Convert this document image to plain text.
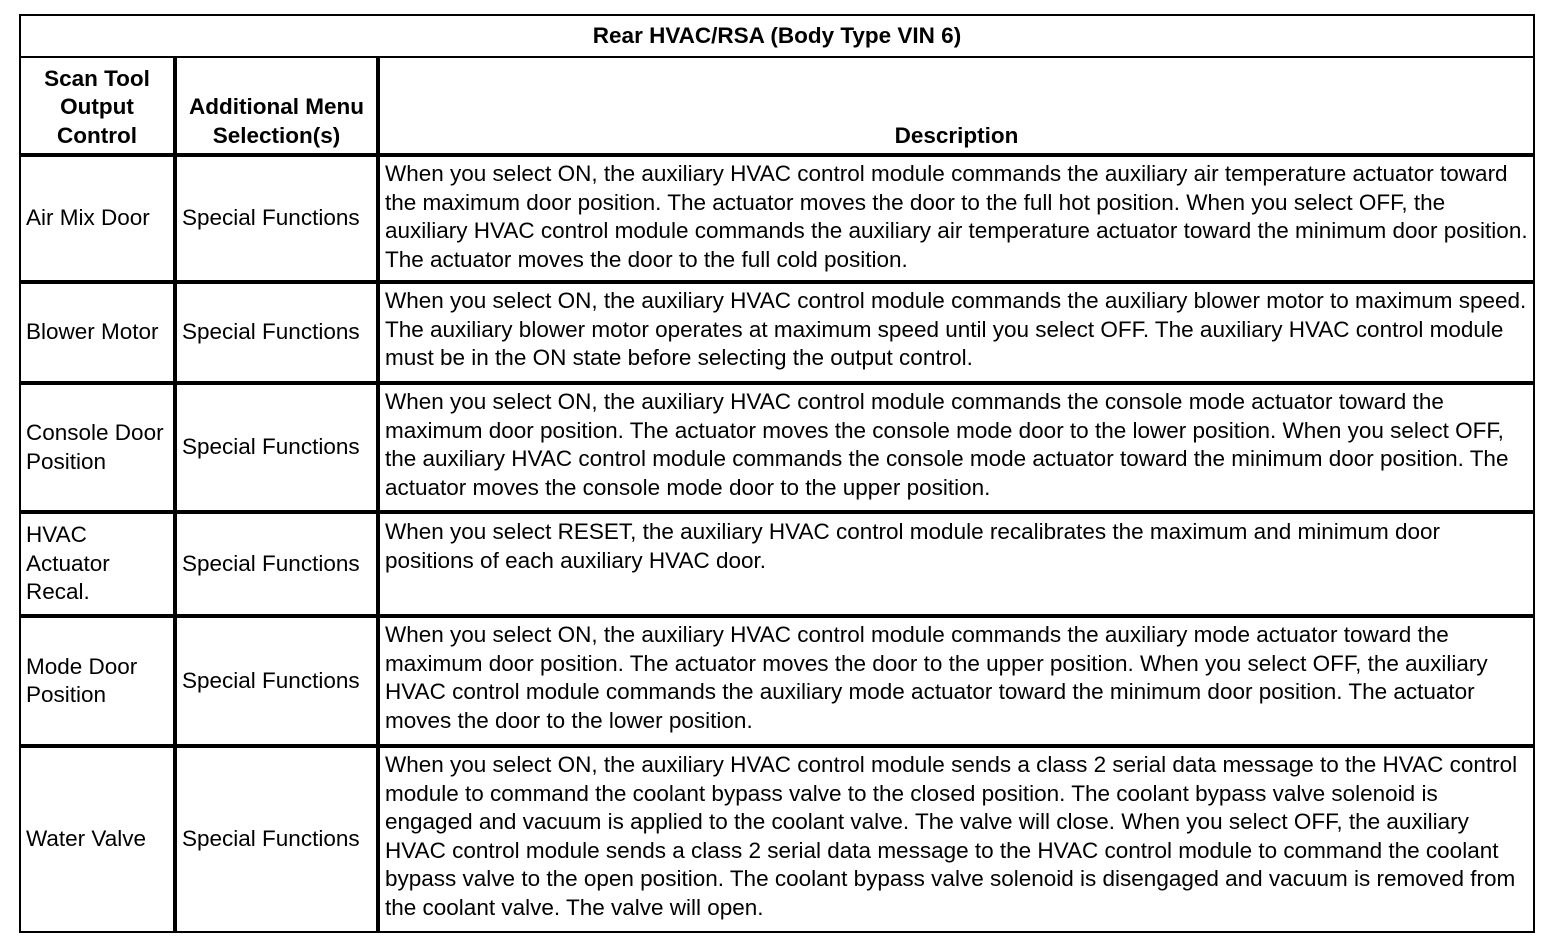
Rear HVAC/RSA (Body Type VIN 6)		
Scan Tool Output Control	Additional Menu Selection(s)	Description
Air Mix Door	Special Functions	When you select ON, the auxiliary HVAC control module commands the auxiliary air temperature actuator toward the maximum door position. The actuator moves the door to the full hot position. When you select OFF, the auxiliary HVAC control module commands the auxiliary air temperature actuator toward the minimum door position. The actuator moves the door to the full cold position.
Blower Motor	Special Functions	When you select ON, the auxiliary HVAC control module commands the auxiliary blower motor to maximum speed. The auxiliary blower motor operates at maximum speed until you select OFF. The auxiliary HVAC control module must be in the ON state before selecting the output control.
Console Door Position	Special Functions	When you select ON, the auxiliary HVAC control module commands the console mode actuator toward the maximum door position. The actuator moves the console mode door to the lower position. When you select OFF, the auxiliary HVAC control module commands the console mode actuator toward the minimum door position. The actuator moves the console mode door to the upper position.
HVAC Actuator Recal.	Special Functions	When you select RESET, the auxiliary HVAC control module recalibrates the maximum and minimum door positions of each auxiliary HVAC door.
Mode Door Position	Special Functions	When you select ON, the auxiliary HVAC control module commands the auxiliary mode actuator toward the maximum door position. The actuator moves the door to the upper position. When you select OFF, the auxiliary HVAC control module commands the auxiliary mode actuator toward the minimum door position. The actuator moves the door to the lower position.
Water Valve	Special Functions	When you select ON, the auxiliary HVAC control module sends a class 2 serial data message to the HVAC control module to command the coolant bypass valve to the closed position. The coolant bypass valve solenoid is engaged and vacuum is applied to the coolant valve. The valve will close. When you select OFF, the auxiliary HVAC control module sends a class 2 serial data message to the HVAC control module to command the coolant bypass valve to the open position. The coolant bypass valve solenoid is disengaged and vacuum is removed from the coolant valve. The valve will open.
